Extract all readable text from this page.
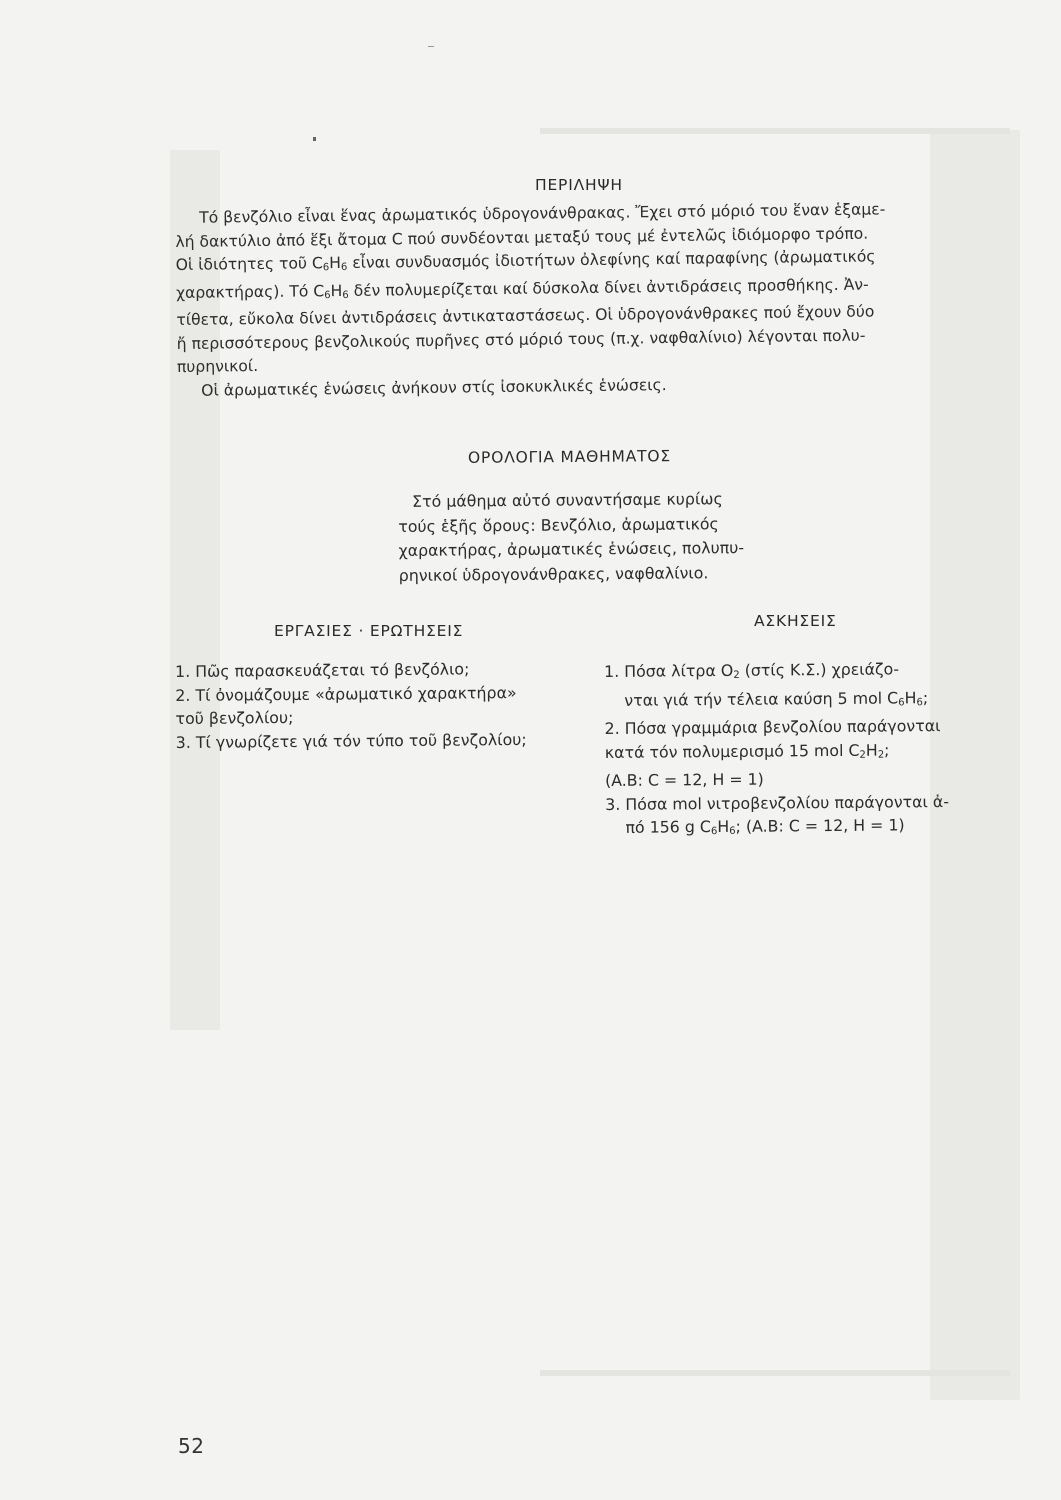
ΠΕΡΙΛΗΨΗ
Τό βενζόλιο εἶναι ἕνας ἀρωματικός ὑδρογονάνθρακας. Ἔχει στό μόριό του ἕναν ἑξαμε-
λή δακτύλιο ἀπό ἕξι ἄτομα C πού συνδέονται μεταξύ τους μέ ἐντελῶς ἰδιόμορφο τρόπο.
Οἱ ἰδιότητες τοῦ $C_6H_6$ εἶναι συνδυασμός ἰδιοτήτων ὀλεφίνης καί παραφίνης (ἀρωματικός
χαρακτήρας). Τό $C_6H_6$ δέν πολυμερίζεται καί δύσκολα δίνει ἀντιδράσεις προσθήκης. Ἀν-
τίθετα, εὔκολα δίνει ἀντιδράσεις ἀντικαταστάσεως. Οἱ ὑδρογονάνθρακες πού ἔχουν δύο
ἤ περισσότερους βενζολικούς πυρῆνες στό μόριό τους (π.χ. ναφθαλίνιο) λέγονται πολυ-
πυρηνικοί.
Οἱ ἀρωματικές ἑνώσεις ἀνήκουν στίς ἰσοκυκλικές ἑνώσεις.
ΟΡΟΛΟΓΙΑ ΜΑΘΗΜΑΤΟΣ
Στό μάθημα αὐτό συναντήσαμε κυρίως
τούς ἑξῆς ὅρους: Βενζόλιο, ἀρωματικός
χαρακτήρας, ἀρωματικές ἑνώσεις, πολυπυ-
ρηνικοί ὑδρογονάνθρακες, ναφθαλίνιο.
ΕΡΓΑΣΙΕΣ · ΕΡΩΤΗΣΕΙΣ
1. Πῶς παρασκευάζεται τό βενζόλιο;
2. Τί ὀνομάζουμε «ἀρωματικό χαρακτήρα»
τοῦ βενζολίου;
3. Τί γνωρίζετε γιά τόν τύπο τοῦ βενζολίου;
ΑΣΚΗΣΕΙΣ
1. Πόσα λίτρα $O_2$ (στίς Κ.Σ.) χρειάζο-
νται γιά τήν τέλεια καύση 5 mol $C_6H_6$;
2. Πόσα γραμμάρια βενζολίου παράγονται
κατά τόν πολυμερισμό 15 mol $C_2H_2$;
(A.B: C = 12, H = 1)
3. Πόσα mol νιτροβενζολίου παράγονται ἀ-
πό 156 g $C_6H_6$; (A.B: C = 12, H = 1)
52
